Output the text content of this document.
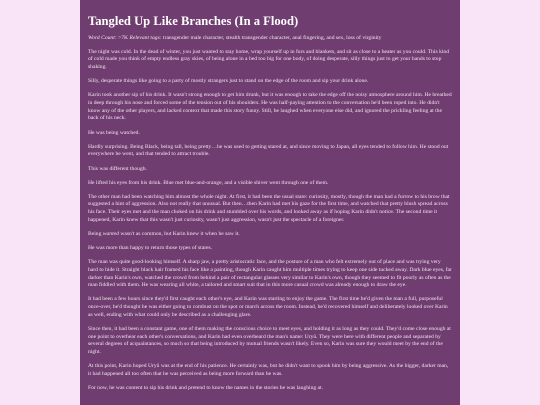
Tangled Up Like Branches (In a Flood)
Word Count: >7K Relevant tags: transgender male character, stealth transgender character, anal fingering, and sex, loss of virginity

The night was cold. In the dead of winter, you just wanted to stay home, wrap yourself up in furs and blankets, and sit as close to a heater as you could. This kind of cold made you think of empty endless gray skies, of being alone in a bed too big for one body, of doing desperate, silly things just to get your hands to stop shaking.

Silly, desperate things like going to a party of mostly strangers just to stand on the edge of the room and sip your drink alone.

Karin took another sip of his drink. It wasn't strong enough to get him drunk, but it was enough to take the edge off the noisy atmosphere around him. He breathed in deep through his nose and forced some of the tension out of his shoulders. He was half-paying attention to the conversation he'd been roped into. He didn't know any of the other players, and lacked context that made this story funny. Still, he laughed when everyone else did, and ignored the prickling feeling at the back of his neck.

He was being watched.

Hardly surprising. Being Black, being tall, being pretty…he was used to getting stared at, and since moving to Japan, all eyes tended to follow him. He stood out everywhere he went, and that tended to attract trouble.

This was different though.

He lifted his eyes from his drink. Blue met blue-and-orange, and a visible shiver went through one of them.

The other man had been watching him almost the whole night. At first, it had been the usual stare: curiosity, mostly, though the man had a furrow to his brow that suggested a hint of aggression. Also not really that unusual. But then…then Karin had met his gaze for the first time, and watched that pretty blush spread across his face. Their eyes met and the man choked on his drink and stumbled over his words, and looked away as if hoping Karin didn't notice. The second time it happened, Karin knew that this wasn't just curiosity, wasn't just aggression, wasn't just the spectacle of a foreigner.

Being wanted wasn't as common, but Karin knew it when he saw it.

He was more than happy to return those types of stares.

The man was quite good-looking himself. A sharp jaw, a pretty aristocratic face, and the posture of a man who felt extremely out of place and was trying very hard to hide it. Straight black hair framed his face like a painting, though Karin caught him multiple times trying to keep one side tucked away. Dark blue eyes, far darker than Karin's own, watched the crowd from behind a pair of rectangular glasses very similar to Karin's own, though they seemed to fit poorly as often as the man fiddled with them. He was wearing all white, a tailored and smart suit that in this more casual crowd was already enough to draw the eye.

It had been a few hours since they'd first caught each other's eye, and Karin was starting to enjoy the game. The first time he'd given the man a full, purposeful once-over, he'd thought he was either going to combust on the spot or march across the room. Instead, he'd recovered himself and deliberately looked over Karin as well, ending with what could only be described as a challenging glare.

Since then, it had been a constant game, one of them making the conscious choice to meet eyes, and holding it as long as they could. They'd come close enough at one point to overhear each other's conversations, and Karin had even overheard the man's name: Uryū. They were here with different people and separated by several degrees of acquaintances, so much so that being introduced by mutual friends wasn't likely. Even so, Karin was sure they would meet by the end of the night.

At this point, Karin hoped Uryū was at the end of his patience. He certainly was, but he didn't want to spook him by being aggressive. As the bigger, darker man, it had happened all too often that he was perceived as being more forward than he was.

For now, he was content to sip his drink and pretend to know the names in the stories he was laughing at.
